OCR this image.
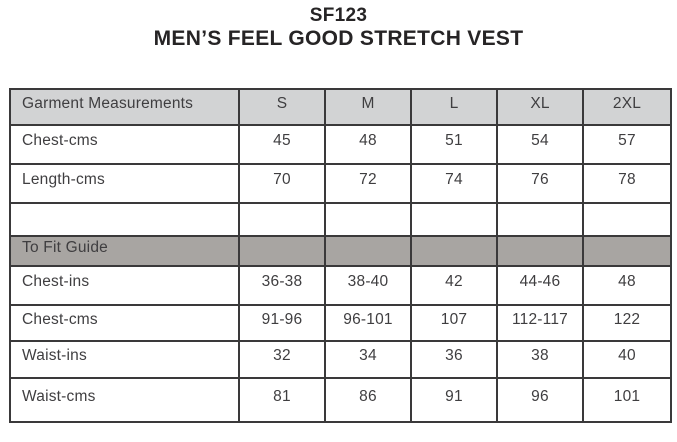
SF123
MEN’S FEEL GOOD STRETCH VEST
Garment Measurements	S	M	L	XL	2XL
Chest-cms	45	48	51	54	57
Length-cms	70	72	74	76	78

To Fit Guide					
Chest-ins	36-38	38-40	42	44-46	48
Chest-cms	91-96	96-101	107	112-117	122
Waist-ins	32	34	36	38	40
Waist-cms	81	86	91	96	101
